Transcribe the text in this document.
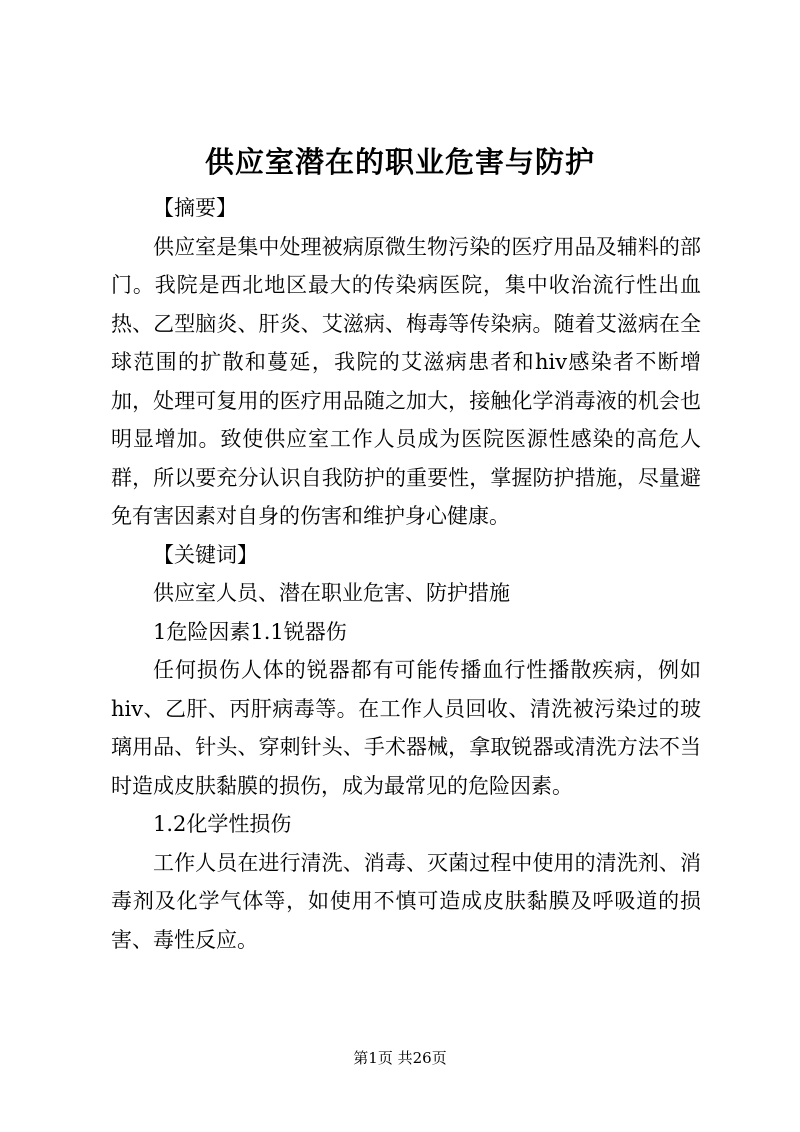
供应室潜在的职业危害与防护

【摘要】

供应室是集中处理被病原微生物污染的医疗用品及辅料的部门。我院是西北地区最大的传染病医院，集中收治流行性出血热、乙型脑炎、肝炎、艾滋病、梅毒等传染病。随着艾滋病在全球范围的扩散和蔓延，我院的艾滋病患者和hiv感染者不断增加，处理可复用的医疗用品随之加大，接触化学消毒液的机会也明显增加。致使供应室工作人员成为医院医源性感染的高危人群，所以要充分认识自我防护的重要性，掌握防护措施，尽量避免有害因素对自身的伤害和维护身心健康。

【关键词】

供应室人员、潜在职业危害、防护措施

1危险因素1.1锐器伤

任何损伤人体的锐器都有可能传播血行性播散疾病，例如hiv、乙肝、丙肝病毒等。在工作人员回收、清洗被污染过的玻璃用品、针头、穿刺针头、手术器械，拿取锐器或清洗方法不当时造成皮肤黏膜的损伤，成为最常见的危险因素。

1.2化学性损伤

工作人员在进行清洗、消毒、灭菌过程中使用的清洗剂、消毒剂及化学气体等，如使用不慎可造成皮肤黏膜及呼吸道的损害、毒性反应。

第1页 共26页
